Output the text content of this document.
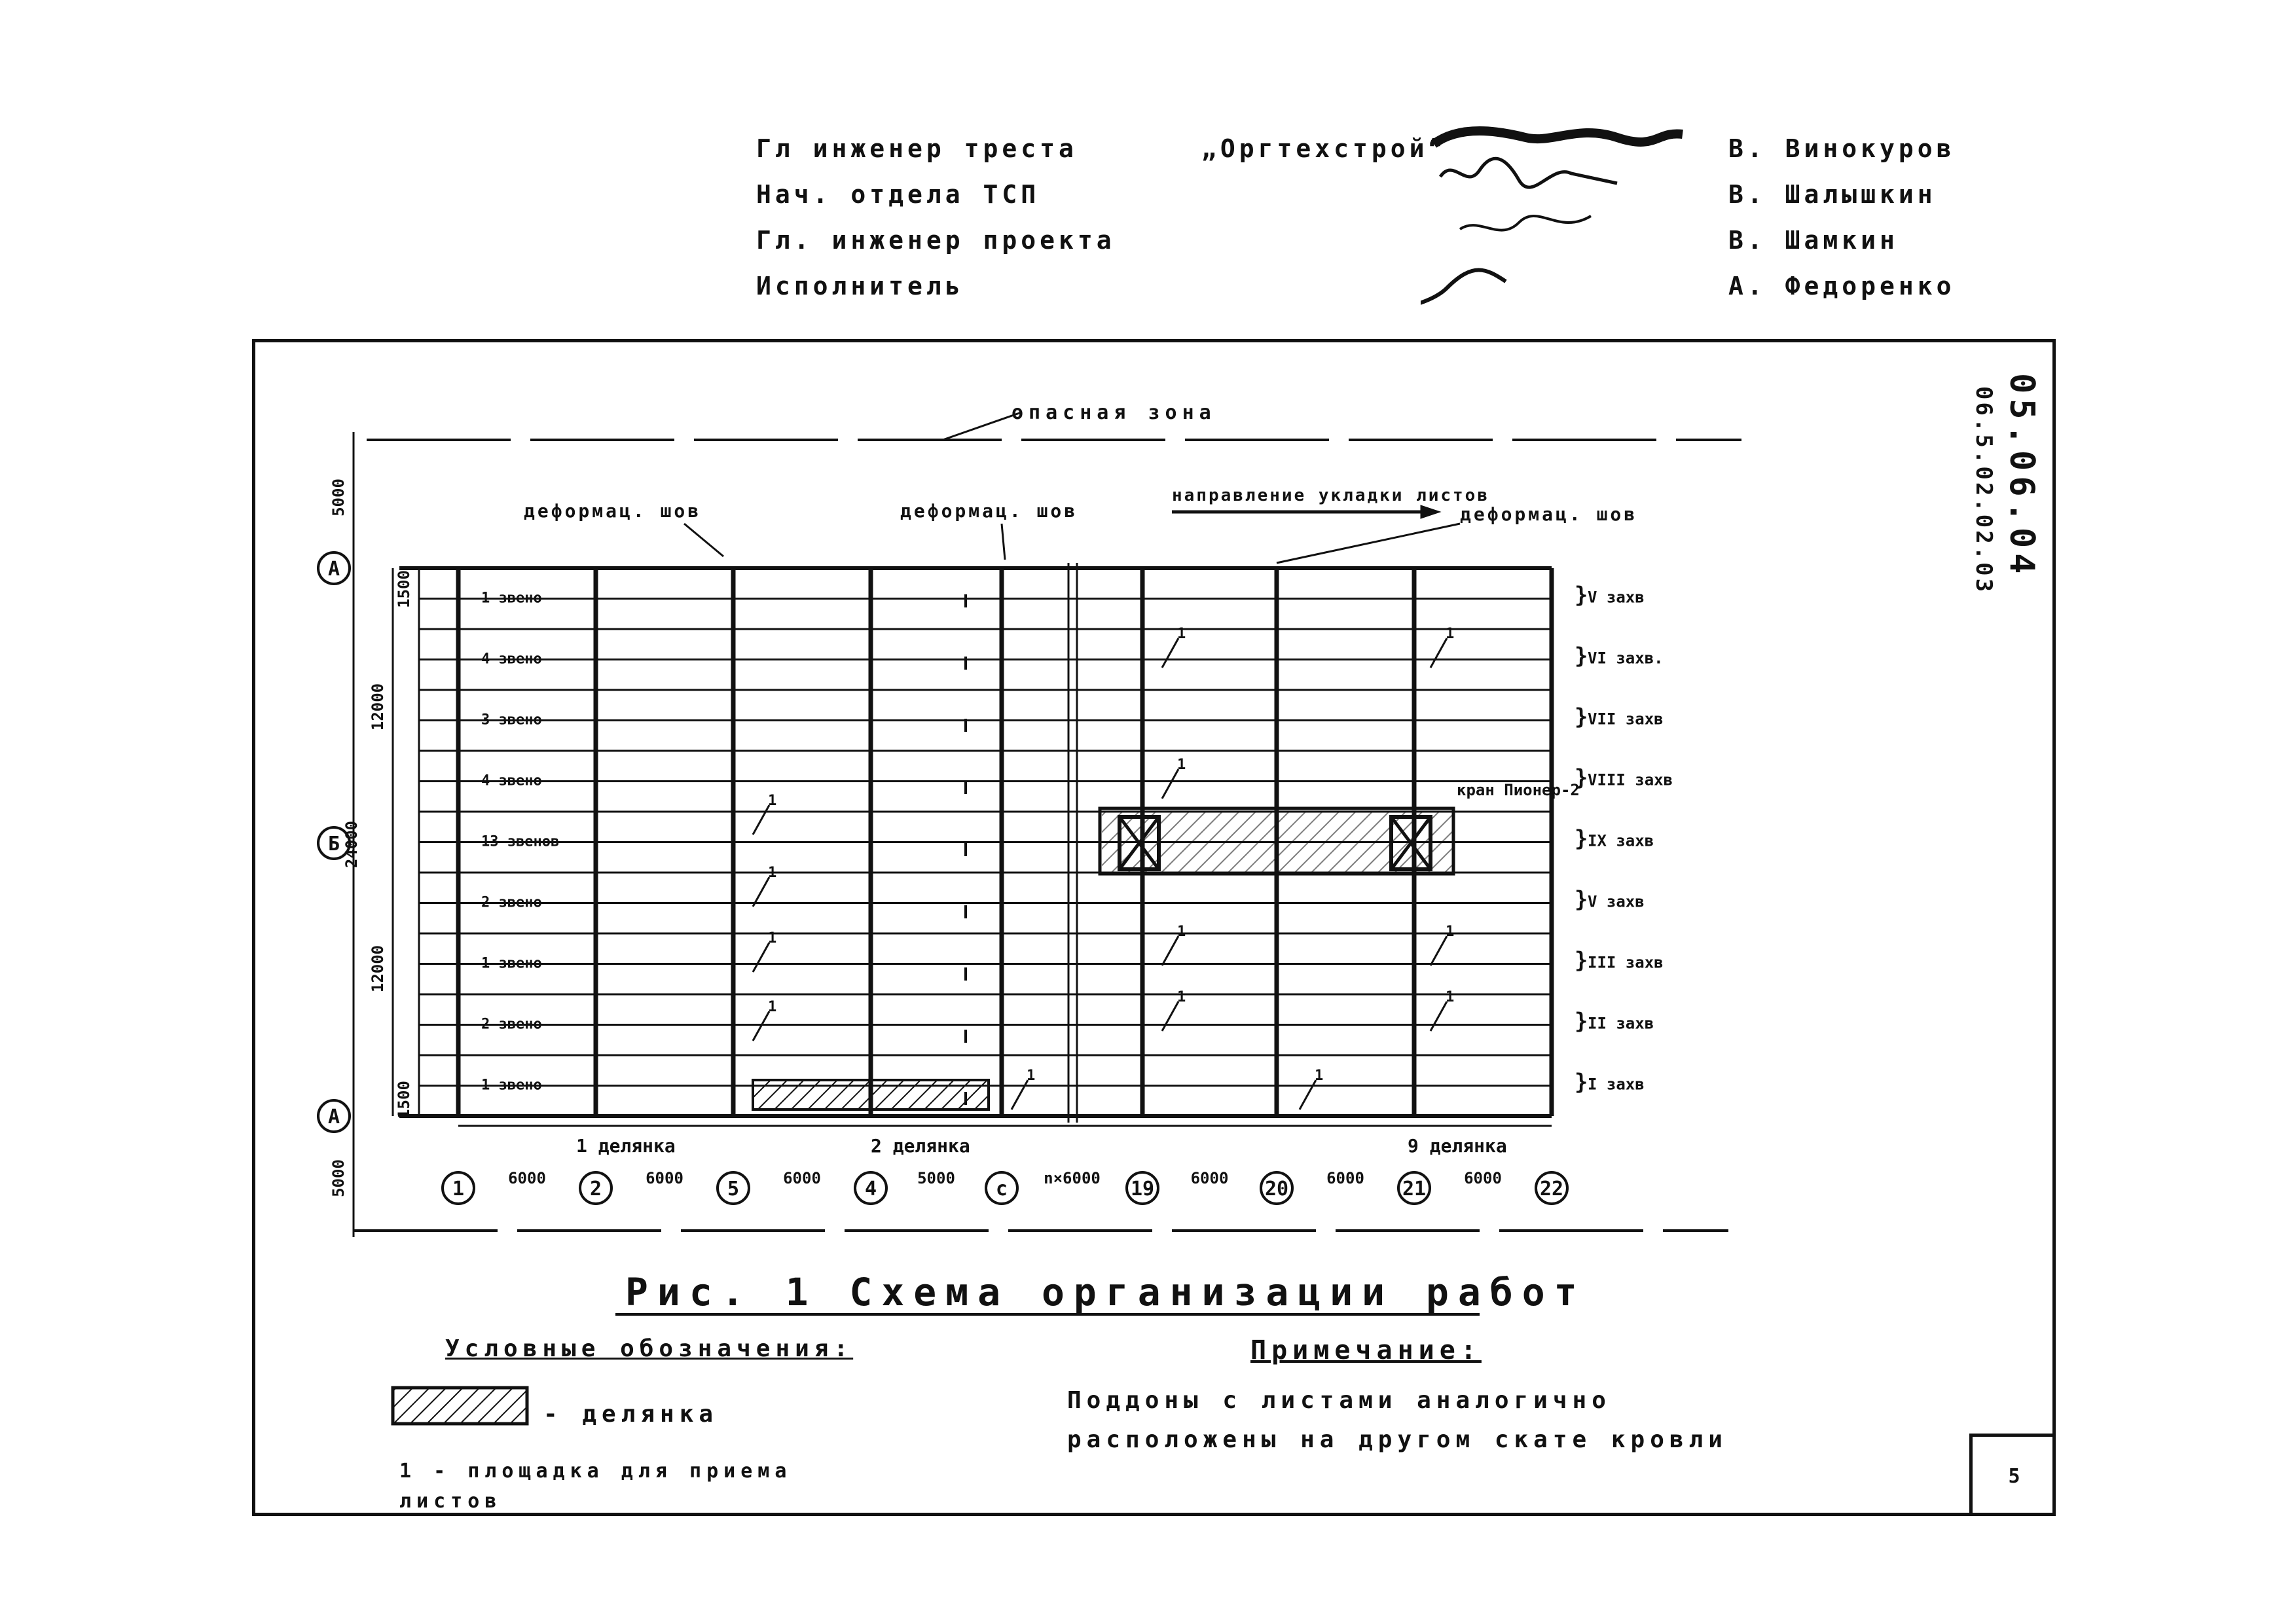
Гл инженер треста
Нач. отдела ТСП
Гл. инженер проекта
Исполнитель
„Оргтехстрой“	В. Винокуров
В. Шалышкин
В. Шамкин
А. Федоренко
5
05.06.04
06.5.02.02.03
1	2	5	4	с	19	20	21	22
6000	6000	6000	5000	n×6000	6000	6000	6000
1 звено	V захв
}
4 звено	VI захв.
}
3 звено	VII захв
}
4 звено	VIII захв
}
13 звенов	IX захв
}
2 звено	V захв
}
1 звено	III захв
}
2 звено	II захв
}
1 звено	I захв
}
А
Б
А
5000
1500
12000
24000
12000
1500
5000
1
1
1
1
1
1
1
1
1
1
1
1	1
опасная зона
деформац. шов	деформац. шов	деформац. шов
направление укладки листов
кран Пионер-2
1 делянка	2 делянка	9 делянка
Рис. 1 Схема организации работ
Условные обозначения:
- делянка
1 - площадка для приема листов
Примечание:
Поддоны с листами аналогично расположены на другом скате кровли
